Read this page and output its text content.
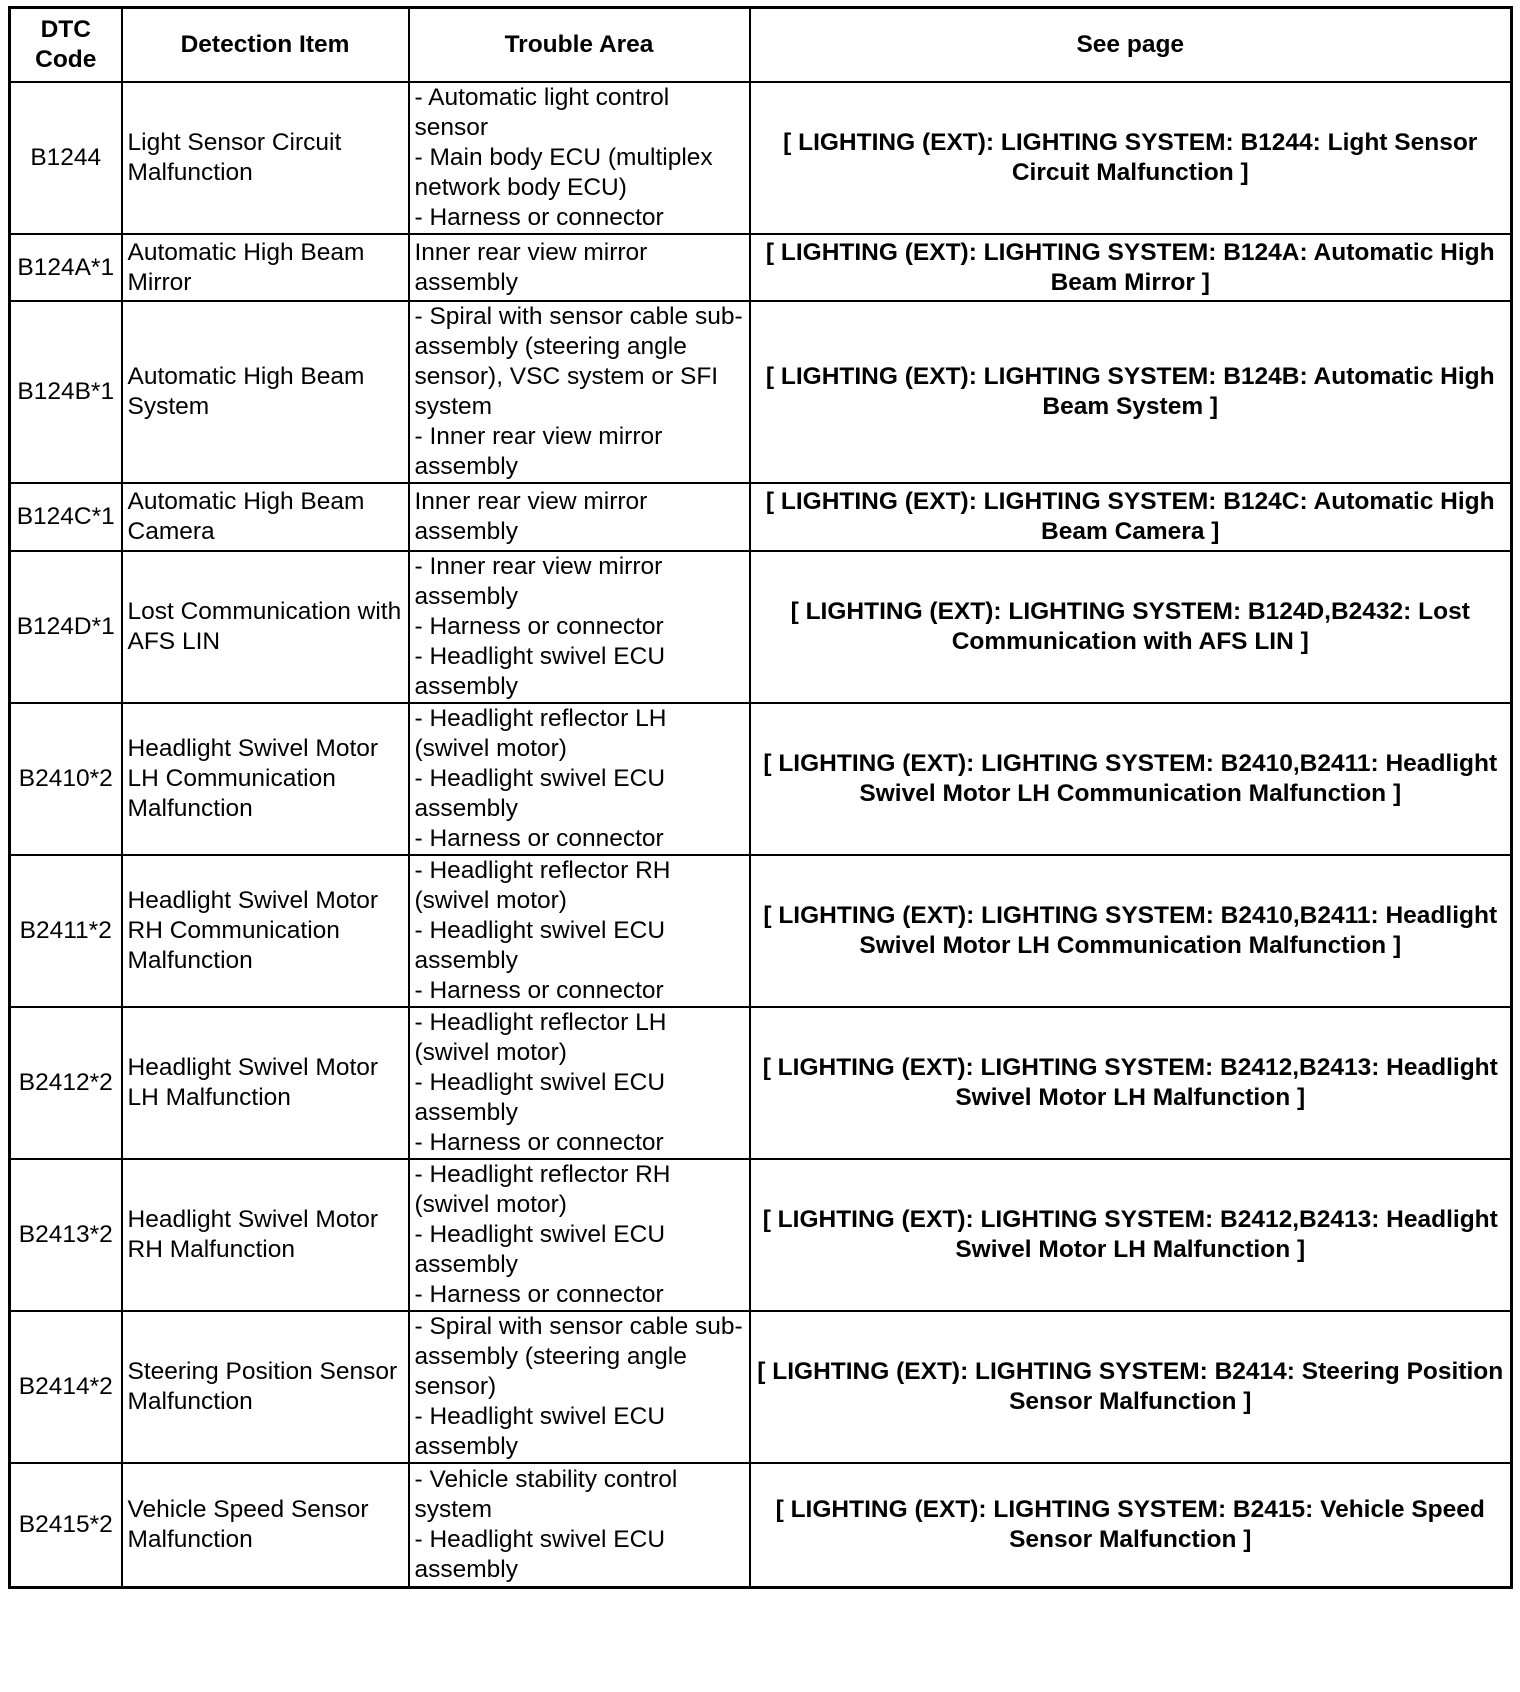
DTC
Code	Detection Item	Trouble Area	See page
B1244	Light Sensor Circuit Malfunction	- Automatic light control sensor
- Main body ECU (multiplex network body ECU)
- Harness or connector	[ LIGHTING (EXT): LIGHTING SYSTEM: B1244: Light Sensor Circuit Malfunction ]
B124A*1	Automatic High Beam Mirror	Inner rear view mirror assembly	[ LIGHTING (EXT): LIGHTING SYSTEM: B124A: Automatic High Beam Mirror ]
B124B*1	Automatic High Beam System	- Spiral with sensor cable sub-assembly (steering angle sensor), VSC system or SFI system
- Inner rear view mirror assembly	[ LIGHTING (EXT): LIGHTING SYSTEM: B124B: Automatic High Beam System ]
B124C*1	Automatic High Beam Camera	Inner rear view mirror assembly	[ LIGHTING (EXT): LIGHTING SYSTEM: B124C: Automatic High Beam Camera ]
B124D*1	Lost Communication with AFS LIN	- Inner rear view mirror assembly
- Harness or connector
- Headlight swivel ECU assembly	[ LIGHTING (EXT): LIGHTING SYSTEM: B124D,B2432: Lost Communication with AFS LIN ]
B2410*2	Headlight Swivel Motor LH Communication Malfunction	- Headlight reflector LH (swivel motor)
- Headlight swivel ECU assembly
- Harness or connector	[ LIGHTING (EXT): LIGHTING SYSTEM: B2410,B2411: Headlight Swivel Motor LH Communication Malfunction ]
B2411*2	Headlight Swivel Motor RH Communication Malfunction	- Headlight reflector RH (swivel motor)
- Headlight swivel ECU assembly
- Harness or connector	[ LIGHTING (EXT): LIGHTING SYSTEM: B2410,B2411: Headlight Swivel Motor LH Communication Malfunction ]
B2412*2	Headlight Swivel Motor LH Malfunction	- Headlight reflector LH (swivel motor)
- Headlight swivel ECU assembly
- Harness or connector	[ LIGHTING (EXT): LIGHTING SYSTEM: B2412,B2413: Headlight Swivel Motor LH Malfunction ]
B2413*2	Headlight Swivel Motor RH Malfunction	- Headlight reflector RH (swivel motor)
- Headlight swivel ECU assembly
- Harness or connector	[ LIGHTING (EXT): LIGHTING SYSTEM: B2412,B2413: Headlight Swivel Motor LH Malfunction ]
B2414*2	Steering Position Sensor Malfunction	- Spiral with sensor cable sub-assembly (steering angle sensor)
- Headlight swivel ECU assembly	[ LIGHTING (EXT): LIGHTING SYSTEM: B2414: Steering Position Sensor Malfunction ]
B2415*2	Vehicle Speed Sensor Malfunction	- Vehicle stability control system
- Headlight swivel ECU assembly	[ LIGHTING (EXT): LIGHTING SYSTEM: B2415: Vehicle Speed Sensor Malfunction ]
